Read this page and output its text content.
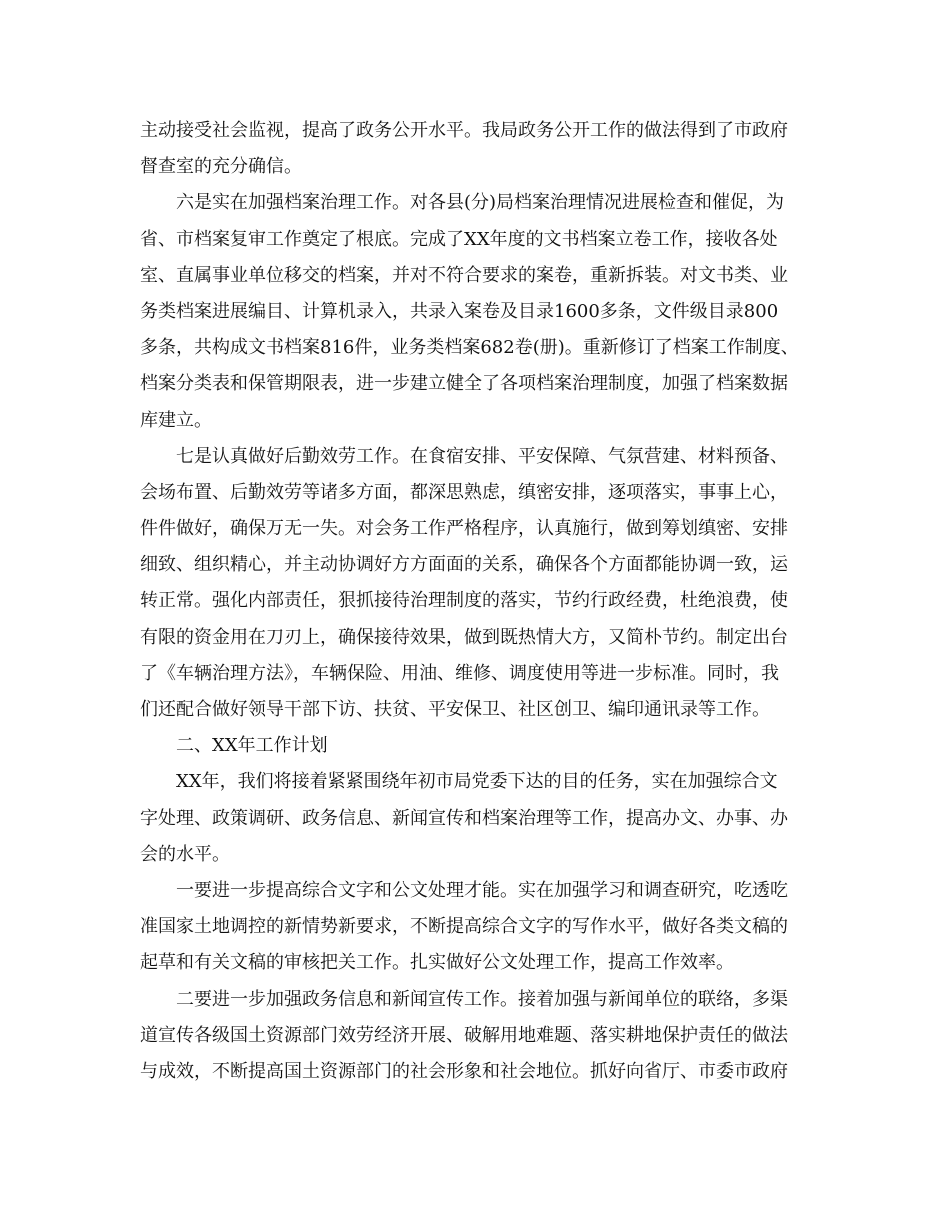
主动接受社会监视，提高了政务公开水平。我局政务公开工作的做法得到了市政府
督查室的充分确信。
六是实在加强档案治理工作。对各县(分)局档案治理情况进展检查和催促，为
省、市档案复审工作奠定了根底。完成了XX年度的文书档案立卷工作，接收各处
室、直属事业单位移交的档案，并对不符合要求的案卷，重新拆装。对文书类、业
务类档案进展编目、计算机录入，共录入案卷及目录1600多条，文件级目录800
多条，共构成文书档案816件，业务类档案682卷(册)。重新修订了档案工作制度、
档案分类表和保管期限表，进一步建立健全了各项档案治理制度，加强了档案数据
库建立。
七是认真做好后勤效劳工作。在食宿安排、平安保障、气氛营建、材料预备、
会场布置、后勤效劳等诸多方面，都深思熟虑，缜密安排，逐项落实，事事上心，
件件做好，确保万无一失。对会务工作严格程序，认真施行，做到筹划缜密、安排
细致、组织精心，并主动协调好方方面面的关系，确保各个方面都能协调一致，运
转正常。强化内部责任，狠抓接待治理制度的落实，节约行政经费，杜绝浪费，使
有限的资金用在刀刃上，确保接待效果，做到既热情大方，又简朴节约。制定出台
了《车辆治理方法》，车辆保险、用油、维修、调度使用等进一步标准。同时，我
们还配合做好领导干部下访、扶贫、平安保卫、社区创卫、编印通讯录等工作。
二、XX年工作计划
XX年，我们将接着紧紧围绕年初市局党委下达的目的任务，实在加强综合文
字处理、政策调研、政务信息、新闻宣传和档案治理等工作，提高办文、办事、办
会的水平。
一要进一步提高综合文字和公文处理才能。实在加强学习和调查研究，吃透吃
准国家土地调控的新情势新要求，不断提高综合文字的写作水平，做好各类文稿的
起草和有关文稿的审核把关工作。扎实做好公文处理工作，提高工作效率。
二要进一步加强政务信息和新闻宣传工作。接着加强与新闻单位的联络，多渠
道宣传各级国土资源部门效劳经济开展、破解用地难题、落实耕地保护责任的做法
与成效，不断提高国土资源部门的社会形象和社会地位。抓好向省厅、市委市政府
